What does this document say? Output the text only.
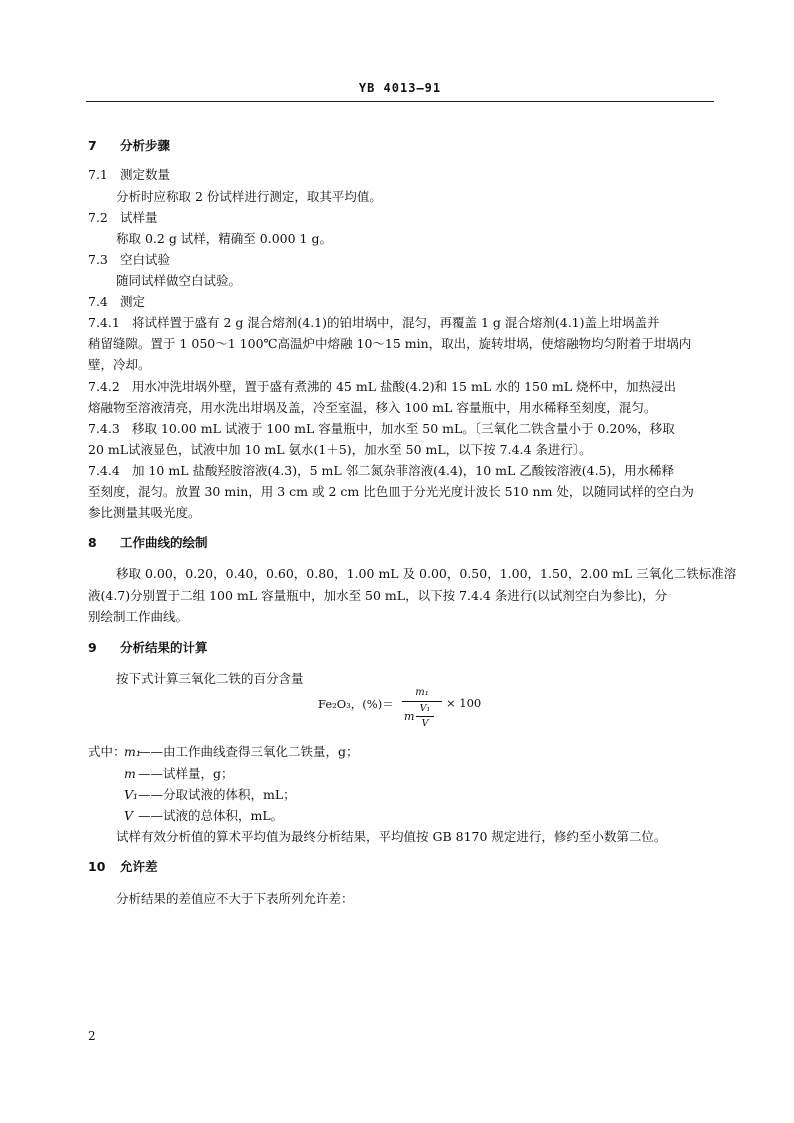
YB 4013—91
7 分析步骤
7.1 测定数量
分析时应称取 2 份试样进行测定，取其平均值。
7.2 试样量
称取 0.2 g 试样，精确至 0.000 1 g。
7.3 空白试验
随同试样做空白试验。
7.4 测定
7.4.1 将试样置于盛有 2 g 混合熔剂(4.1)的铂坩埚中，混匀，再覆盖 1 g 混合熔剂(4.1)盖上坩埚盖并
稍留缝隙。置于 1 050～1 100℃高温炉中熔融 10～15 min，取出，旋转坩埚，使熔融物均匀附着于坩埚内
壁，冷却。
7.4.2 用水冲洗坩埚外壁，置于盛有煮沸的 45 mL 盐酸(4.2)和 15 mL 水的 150 mL 烧杯中，加热浸出
熔融物至溶液清亮，用水洗出坩埚及盖，冷至室温，移入 100 mL 容量瓶中，用水稀释至刻度，混匀。
7.4.3 移取 10.00 mL 试液于 100 mL 容量瓶中，加水至 50 mL。〔三氧化二铁含量小于 0.20%，移取
20 mL试液显色，试液中加 10 mL 氨水(1＋5)，加水至 50 mL，以下按 7.4.4 条进行〕。
7.4.4 加 10 mL 盐酸羟胺溶液(4.3)，5 mL 邻二氮杂菲溶液(4.4)，10 mL 乙酸铵溶液(4.5)，用水稀释
至刻度，混匀。放置 30 min，用 3 cm 或 2 cm 比色皿于分光光度计波长 510 nm 处，以随同试样的空白为
参比测量其吸光度。
8 工作曲线的绘制
移取 0.00，0.20，0.40，0.60，0.80，1.00 mL 及 0.00，0.50，1.00，1.50，2.00 mL 三氧化二铁标准溶
液(4.7)分别置于二组 100 mL 容量瓶中，加水至 50 mL，以下按 7.4.4 条进行(以试剂空白为参比)，分
别绘制工作曲线。
9 分析结果的计算
按下式计算三氧化二铁的百分含量
Fe₂O₃，(%)＝
m₁
m
V₁
V
× 100
式中：
m₁——由工作曲线查得三氧化二铁量，g；
m ——试样量，g；
V₁——分取试液的体积，mL；
V ——试液的总体积，mL。
试样有效分析值的算术平均值为最终分析结果，平均值按 GB 8170 规定进行，修约至小数第二位。
10 允许差
分析结果的差值应不大于下表所列允许差：
2
